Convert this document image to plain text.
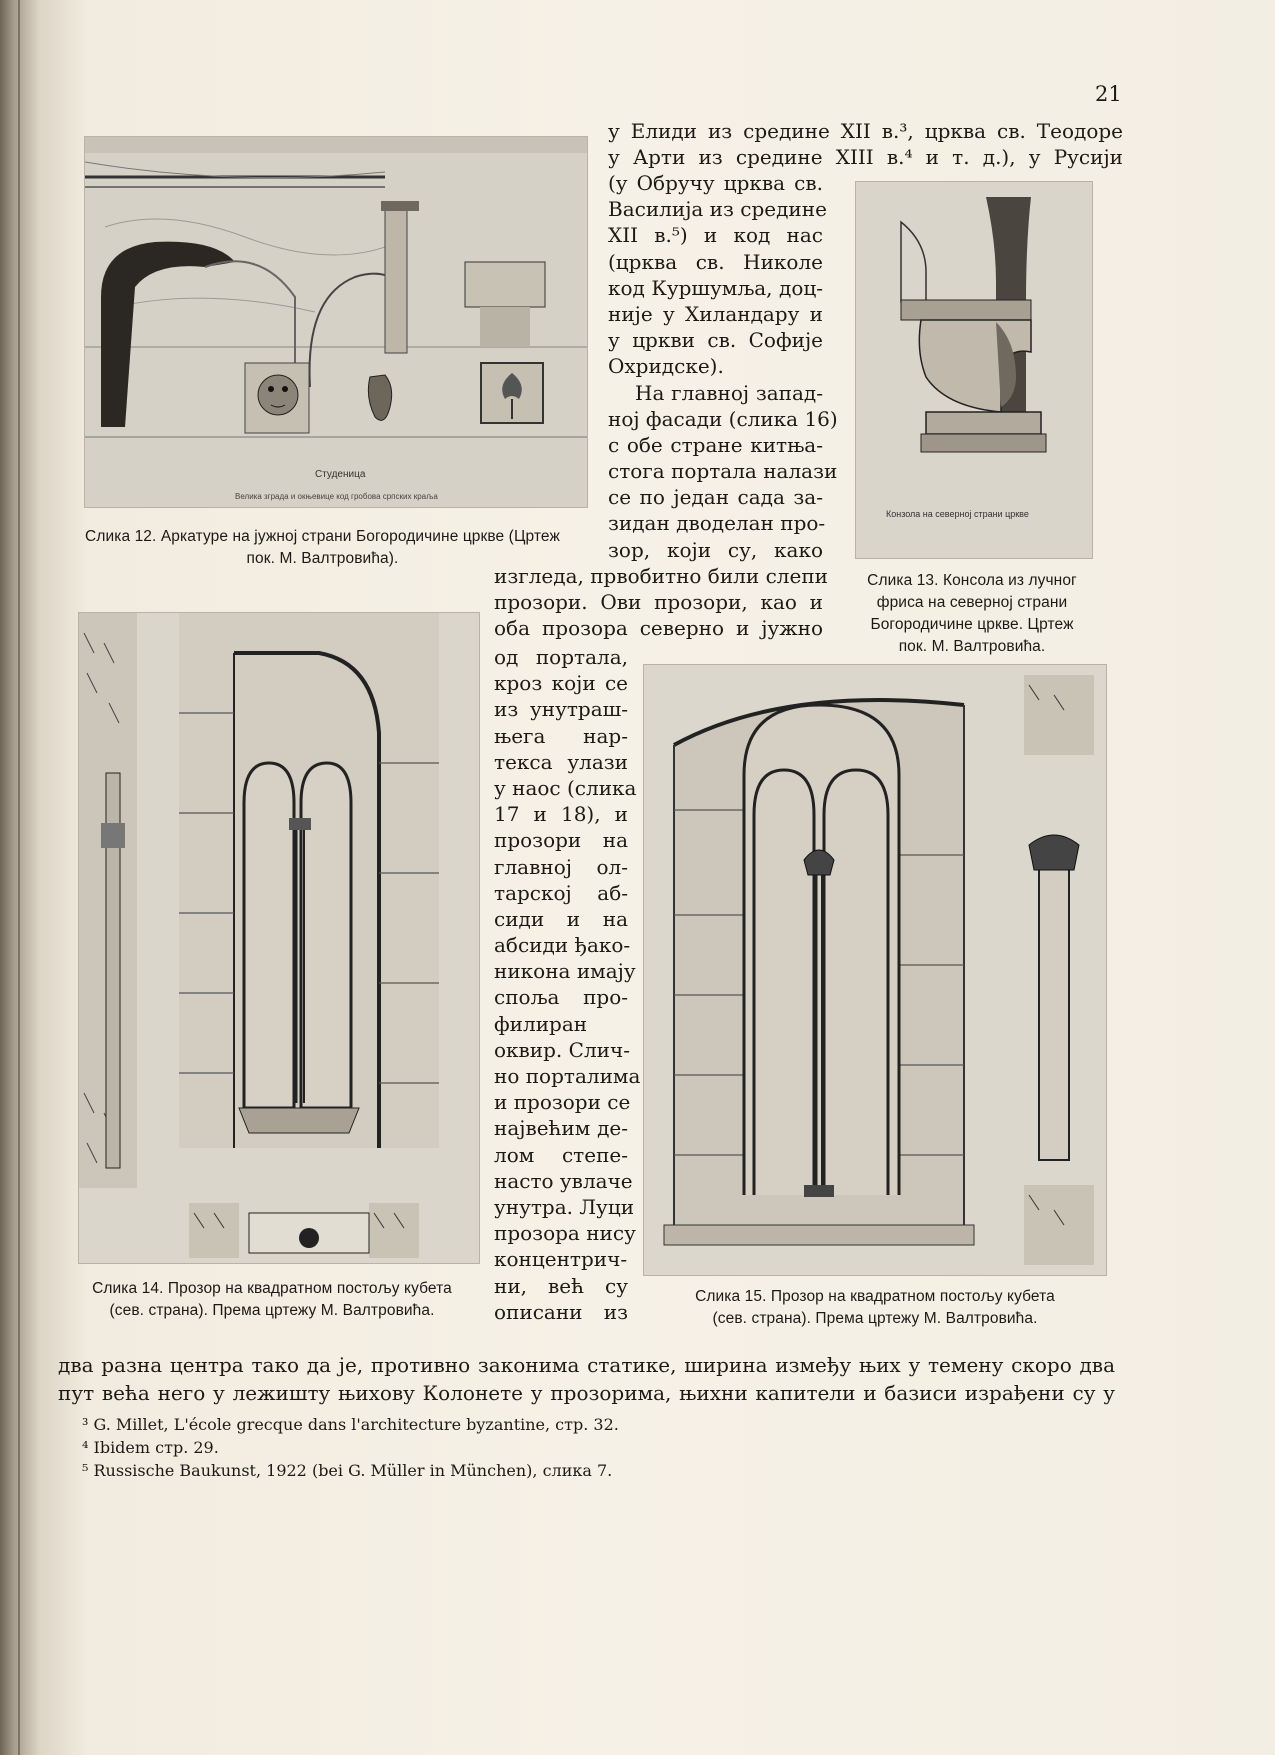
21
Студеница
Велика зграда и окњевице код гробова српских краља
Слика 12. Аркатуре на јужној страни Богородичине цркве (Цртеж
пок. М. Валтровића).
у Елиди из средине XII в.³, црква св. Теодоре
у Арти из средине XIII в.⁴ и т. д.), у Русији
(у Обручу црква св.
Василија из средине
XII в.⁵) и код нас
(црква св. Николе
код Куршумља, доц-
није у Хиландару и
у цркви св. Софије
Охридске).
На главној запад-
ној фасади (слика 16)
с обе стране китња-
стога портала налази
се по један сада за-
зидан дводелан про-
зор, који су, како
Конзола на северној страни цркве
Слика 13. Консола из лучног
фриса на северној страни
Богородичине цркве. Цртеж
пок. М. Валтровића.
изгледа, првобитно били слепи
прозори. Ови прозори, као и
оба прозора северно и јужно
Слика 14. Прозор на квадратном постољу кубета
(сев. страна). Према цртежу М. Валтровића.
од портала,
кроз који се
из унутраш-
њега нар-
текса улази
у наос (слика
17 и 18), и
прозори на
главној ол-
тарској аб-
сиди и на
абсиди ђако-
никона имају
споља про-
филиран
оквир. Слич-
но порталима
и прозори се
највећим де-
лом степе-
насто увлаче
унутра. Луци
прозора нису
концентрич-
ни, већ су
описани из
Слика 15. Прозор на квадратном постољу кубета
(сев. страна). Према цртежу М. Валтровића.
два разна центра тако да је, противно законима статике, ширина између њих у темену скоро два
пут већа него у лежишту њихову Колонете у прозорима, њихни капители и базиси израђени су у
³ G. Millet, L'école grecque dans l'architecture byzantine, стр. 32.
⁴ Ibidem стр. 29.
⁵ Russische Baukunst, 1922 (bei G. Müller in München), слика 7.
